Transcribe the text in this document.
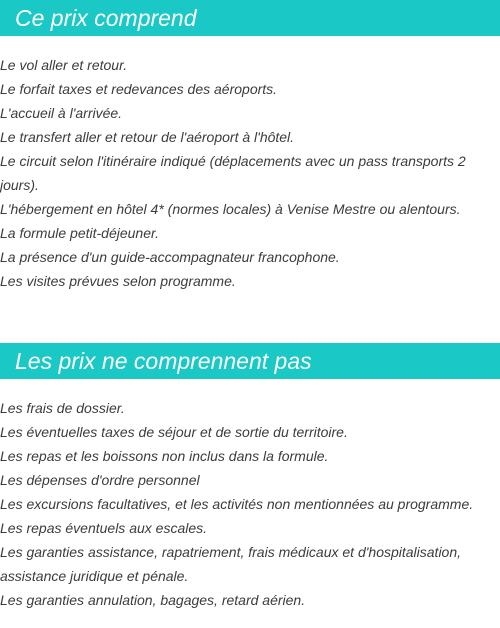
Ce prix comprend
Le vol aller et retour.
Le forfait taxes et redevances des aéroports.
L'accueil à l'arrivée.
Le transfert aller et retour de l'aéroport à l'hôtel.
Le circuit selon l'itinéraire indiqué (déplacements avec un pass transports 2 jours).
L'hébergement en hôtel 4* (normes locales) à Venise Mestre ou alentours.
La formule petit-déjeuner.
La présence d'un guide-accompagnateur francophone.
Les visites prévues selon programme.
Les prix ne comprennent pas
Les frais de dossier.
Les éventuelles taxes de séjour et de sortie du territoire.
Les repas et les boissons non inclus dans la formule.
Les dépenses d'ordre personnel
Les excursions facultatives, et les activités non mentionnées au programme.
Les repas éventuels aux escales.
Les garanties assistance, rapatriement, frais médicaux et d'hospitalisation, assistance juridique et pénale.
Les garanties annulation, bagages, retard aérien.
